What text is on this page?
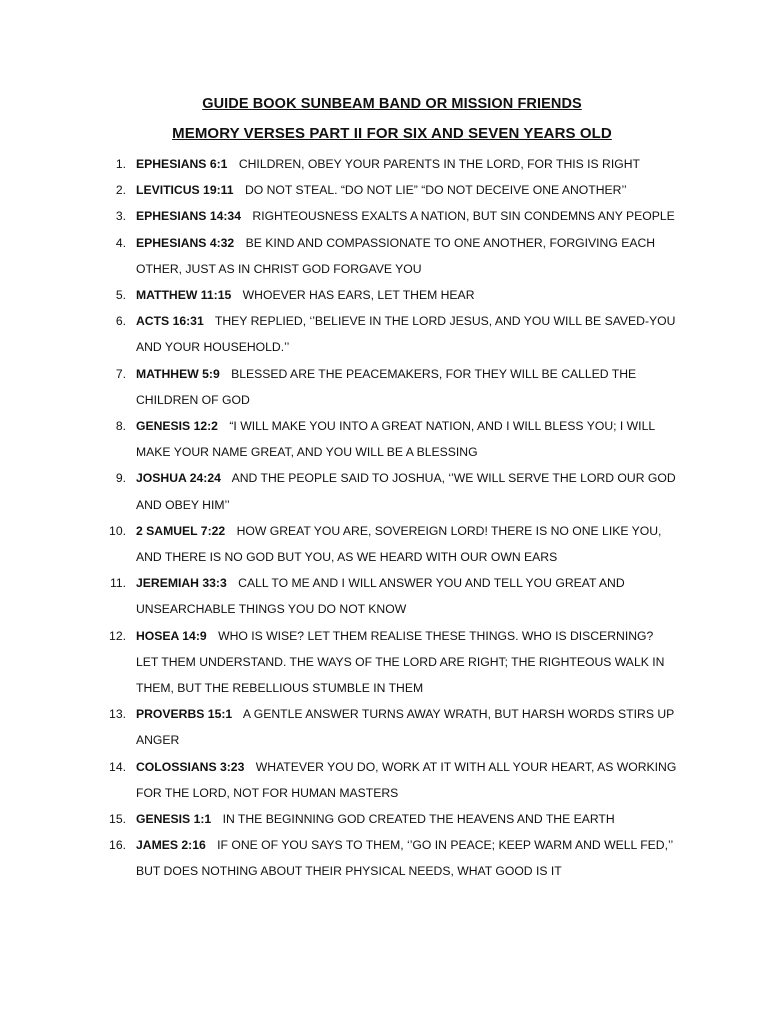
GUIDE BOOK SUNBEAM BAND OR MISSION FRIENDS
MEMORY VERSES PART II FOR SIX AND SEVEN YEARS OLD
1. EPHESIANS 6:1 CHILDREN, OBEY YOUR PARENTS IN THE LORD, FOR THIS IS RIGHT
2. LEVITICUS 19:11 DO NOT STEAL. “DO NOT LIE” “DO NOT DECEIVE ONE ANOTHER’’
3. EPHESIANS 14:34 RIGHTEOUSNESS EXALTS A NATION, BUT SIN CONDEMNS ANY PEOPLE
4. EPHESIANS 4:32 BE KIND AND COMPASSIONATE TO ONE ANOTHER, FORGIVING EACH OTHER, JUST AS IN CHRIST GOD FORGAVE YOU
5. MATTHEW 11:15 WHOEVER HAS EARS, LET THEM HEAR
6. ACTS 16:31 THEY REPLIED, ‘’BELIEVE IN THE LORD JESUS, AND YOU WILL BE SAVED-YOU AND YOUR HOUSEHOLD.’’
7. MATHHEW 5:9 BLESSED ARE THE PEACEMAKERS, FOR THEY WILL BE CALLED THE CHILDREN OF GOD
8. GENESIS 12:2 “I WILL MAKE YOU INTO A GREAT NATION, AND I WILL BLESS YOU; I WILL MAKE YOUR NAME GREAT, AND YOU WILL BE A BLESSING
9. JOSHUA 24:24 AND THE PEOPLE SAID TO JOSHUA, ‘’WE WILL SERVE THE LORD OUR GOD AND OBEY HIM’’
10. 2 SAMUEL 7:22 HOW GREAT YOU ARE, SOVEREIGN LORD! THERE IS NO ONE LIKE YOU, AND THERE IS NO GOD BUT YOU, AS WE HEARD WITH OUR OWN EARS
11. JEREMIAH 33:3 CALL TO ME AND I WILL ANSWER YOU AND TELL YOU GREAT AND UNSEARCHABLE THINGS YOU DO NOT KNOW
12. HOSEA 14:9 WHO IS WISE? LET THEM REALISE THESE THINGS. WHO IS DISCERNING? LET THEM UNDERSTAND. THE WAYS OF THE LORD ARE RIGHT; THE RIGHTEOUS WALK IN THEM, BUT THE REBELLIOUS STUMBLE IN THEM
13. PROVERBS 15:1 A GENTLE ANSWER TURNS AWAY WRATH, BUT HARSH WORDS STIRS UP ANGER
14. COLOSSIANS 3:23 WHATEVER YOU DO, WORK AT IT WITH ALL YOUR HEART, AS WORKING FOR THE LORD, NOT FOR HUMAN MASTERS
15. GENESIS 1:1 IN THE BEGINNING GOD CREATED THE HEAVENS AND THE EARTH
16. JAMES 2:16 IF ONE OF YOU SAYS TO THEM, ‘’GO IN PEACE; KEEP WARM AND WELL FED,’’ BUT DOES NOTHING ABOUT THEIR PHYSICAL NEEDS, WHAT GOOD IS IT
